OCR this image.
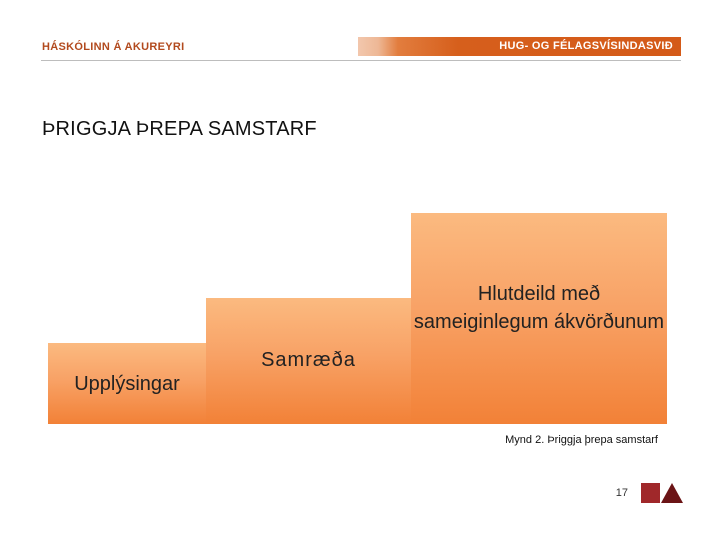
HÁSKÓLINN Á AKUREYRI	HUG- OG FÉLAGSVÍSINDASVIÐ
ÞRIGGJA ÞREPA SAMSTARF
Upplýsingar
Samræða
Hlutdeild með sameiginlegum ákvörðunum
Mynd 2. Þriggja þrepa samstarf
17
